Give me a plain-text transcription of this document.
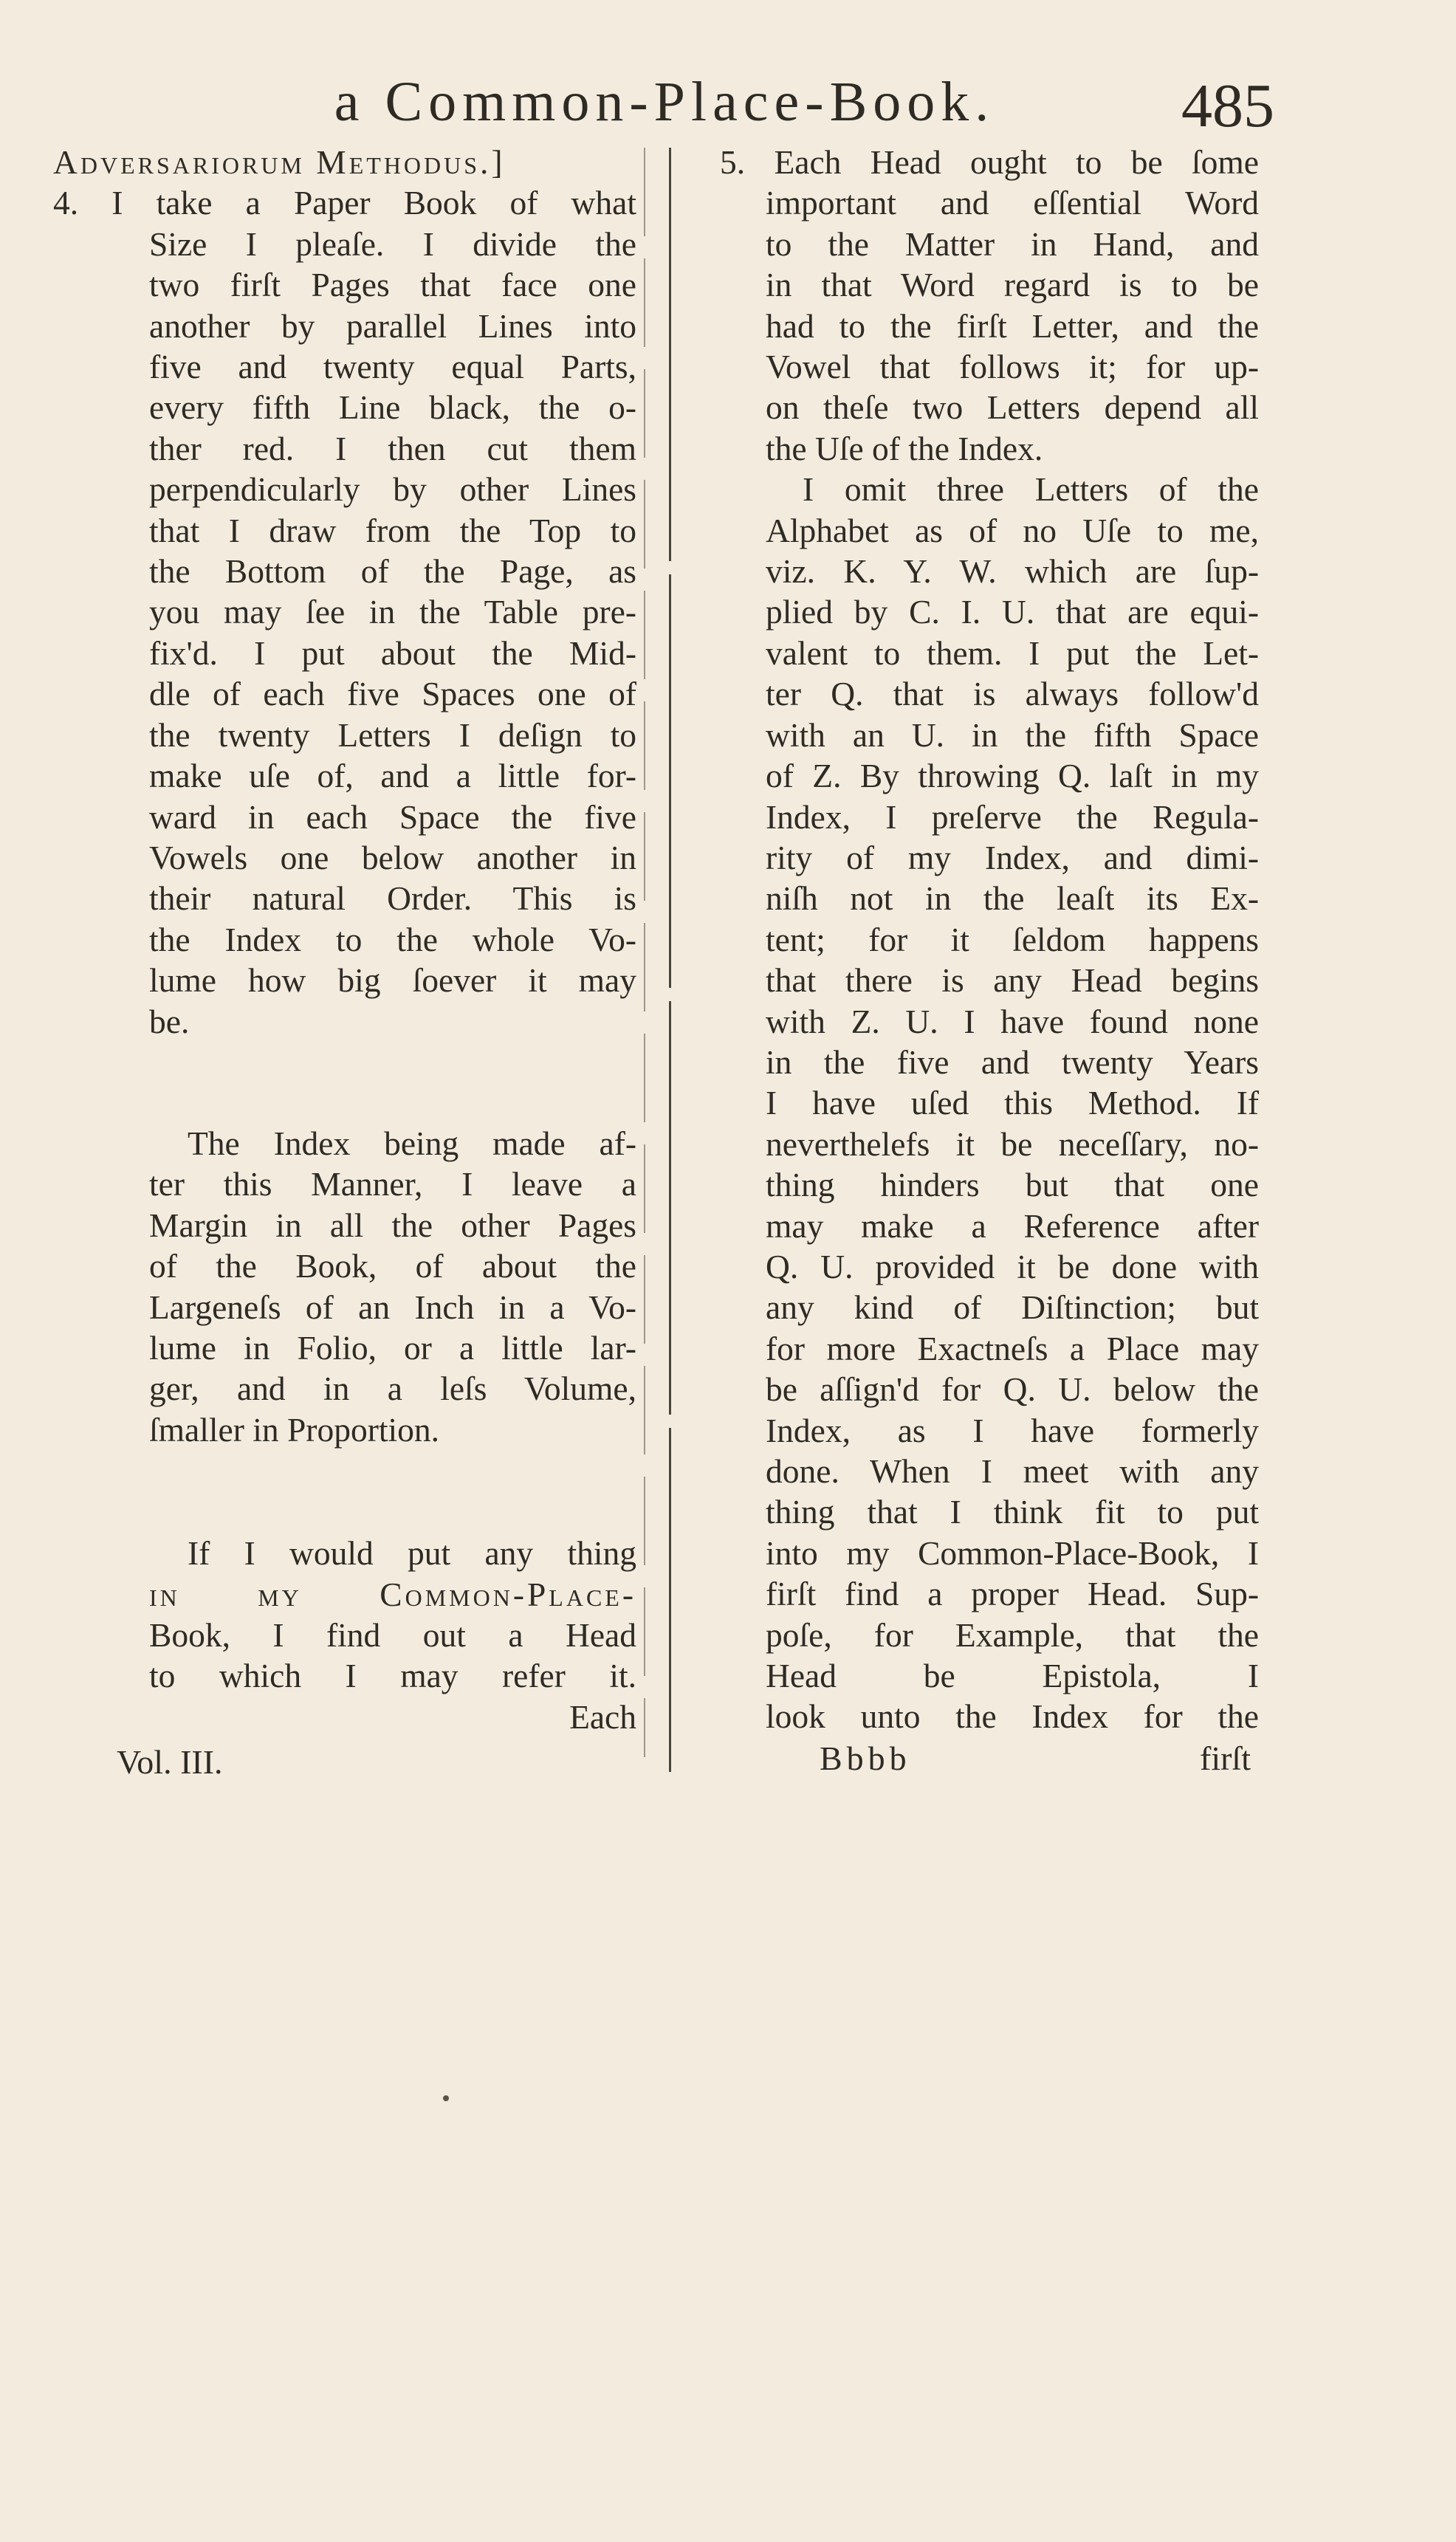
a Common-Place-Book.	485

Adversariorum Methodus.]

4. I take a Paper Book of what

Size I pleaſe. I divide the

two firſt Pages that face one

another by parallel Lines into

five and twenty equal Parts,

every fifth Line black, the o-

ther red. I then cut them

perpendicularly by other Lines

that I draw from the Top to

the Bottom of the Page, as

you may ſee in the Table pre-

fix'd. I put about the Mid-

dle of each five Spaces one of

the twenty Letters I deſign to

make uſe of, and a little for-

ward in each Space the five

Vowels one below another in

their natural Order. This is

the Index to the whole Vo-

lume how big ſoever it may

be.

The Index being made af-

ter this Manner, I leave a

Margin in all the other Pages

of the Book, of about the

Largeneſs of an Inch in a Vo-

lume in Folio, or a little lar-

ger, and in a leſs Volume,

ſmaller in Proportion.

If I would put any thing

in my Common-Place-

Book, I find out a Head

to which I may refer it.

Each

5. Each Head ought to be ſome

important and eſſential Word

to the Matter in Hand, and

in that Word regard is to be

had to the firſt Letter, and the

Vowel that follows it; for up-

on theſe two Letters depend all

the Uſe of the Index.

I omit three Letters of the

Alphabet as of no Uſe to me,

viz. K. Y. W. which are ſup-

plied by C. I. U. that are equi-

valent to them. I put the Let-

ter Q. that is always follow'd

with an U. in the fifth Space

of Z. By throwing Q. laſt in my

Index, I preſerve the Regula-

rity of my Index, and dimi-

niſh not in the leaſt its Ex-

tent; for it ſeldom happens

that there is any Head begins

with Z. U. I have found none

in the five and twenty Years

I have uſed this Method. If

neverthelefs it be neceſſary, no-

thing hinders but that one

may make a Reference after

Q. U. provided it be done with

any kind of Diſtinction; but

for more Exactneſs a Place may

be aſſign'd for Q. U. below the

Index, as I have formerly

done. When I meet with any

thing that I think fit to put

into my Common-Place-Book, I

firſt find a proper Head. Sup-

poſe, for Example, that the

Head be Epistola, I

look unto the Index for the

Vol. III.	Bbbb	firſt
